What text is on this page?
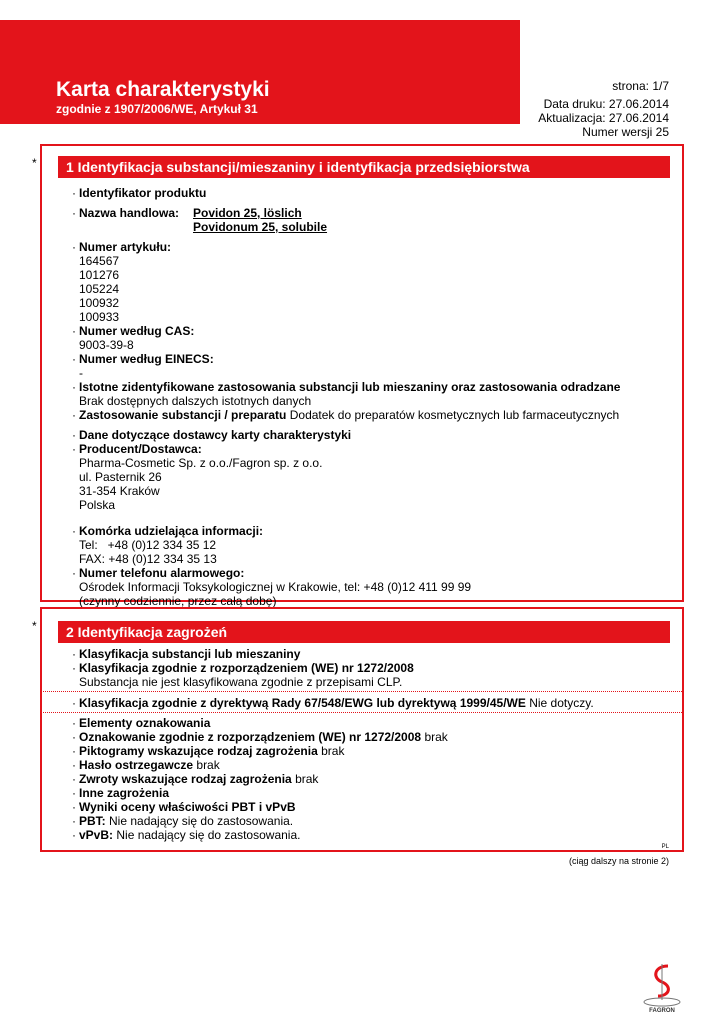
Karta charakterystyki
zgodnie z 1907/2006/WE, Artykuł 31
strona: 1/7
Data druku: 27.06.2014
Aktualizacja: 27.06.2014
Numer wersji 25
*	1 Identyfikacja substancji/mieszaniny i identyfikacja przedsiębiorstwa
· Identyfikator produktu
· Nazwa handlowa: Povidon 25, löslich
Povidonum 25, solubile
· Numer artykułu:
164567
101276
105224
100932
100933
· Numer według CAS:
9003-39-8
· Numer według EINECS:
-
· Istotne zidentyfikowane zastosowania substancji lub mieszaniny oraz zastosowania odradzane
Brak dostępnych dalszych istotnych danych
· Zastosowanie substancji / preparatu Dodatek do preparatów kosmetycznych lub farmaceutycznych
· Dane dotyczące dostawcy karty charakterystyki
· Producent/Dostawca:
Pharma-Cosmetic Sp. z o.o./Fagron sp. z o.o.
ul. Pasternik 26
31-354 Kraków
Polska
· Komórka udzielająca informacji:
Tel:   +48 (0)12 334 35 12
FAX: +48 (0)12 334 35 13
· Numer telefonu alarmowego:
Ośrodek Informacji Toksykologicznej w Krakowie, tel: +48 (0)12 411 99 99
(czynny codziennie, przez całą dobę)
*	2 Identyfikacja zagrożeń
· Klasyfikacja substancji lub mieszaniny
· Klasyfikacja zgodnie z rozporządzeniem (WE) nr 1272/2008
Substancja nie jest klasyfikowana zgodnie z przepisami CLP.
· Klasyfikacja zgodnie z dyrektywą Rady 67/548/EWG lub dyrektywą 1999/45/WE Nie dotyczy.
· Elementy oznakowania
· Oznakowanie zgodnie z rozporządzeniem (WE) nr 1272/2008 brak
· Piktogramy wskazujące rodzaj zagrożenia brak
· Hasło ostrzegawcze brak
· Zwroty wskazujące rodzaj zagrożenia brak
· Inne zagrożenia
· Wyniki oceny właściwości PBT i vPvB
· PBT: Nie nadający się do zastosowania.
· vPvB: Nie nadający się do zastosowania.
PL
(ciąg dalszy na stronie 2)
FAGRON
